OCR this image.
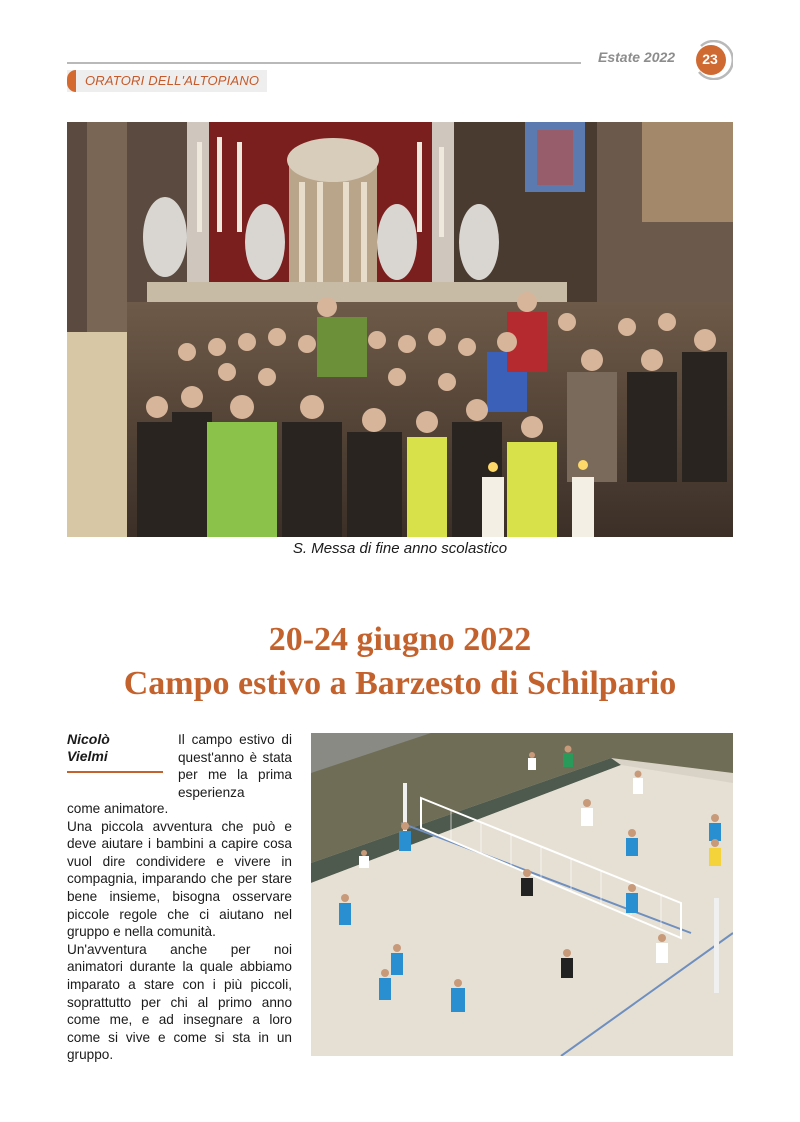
Estate 2022	23
ORATORI DELL'ALTOPIANO
S. Messa di fine anno scolastico
20-24 giugno 2022
Campo estivo a Barzesto di Schilpario
Nicolò
Vielmi
Il campo estivo di quest'anno è stata per me la prima esperienza

come animatore.

Una piccola avventura che può e deve aiutare i bambini a capire cosa vuol dire condividere e vivere in compagnia, imparando che per stare bene insieme, bisogna osservare piccole regole che ci aiutano nel gruppo e nella comunità.

Un'avventura anche per noi animatori durante la quale abbiamo imparato a stare con i più piccoli, soprattutto per chi al primo anno come me, e ad insegnare a loro come si vive e come si sta in un gruppo.
